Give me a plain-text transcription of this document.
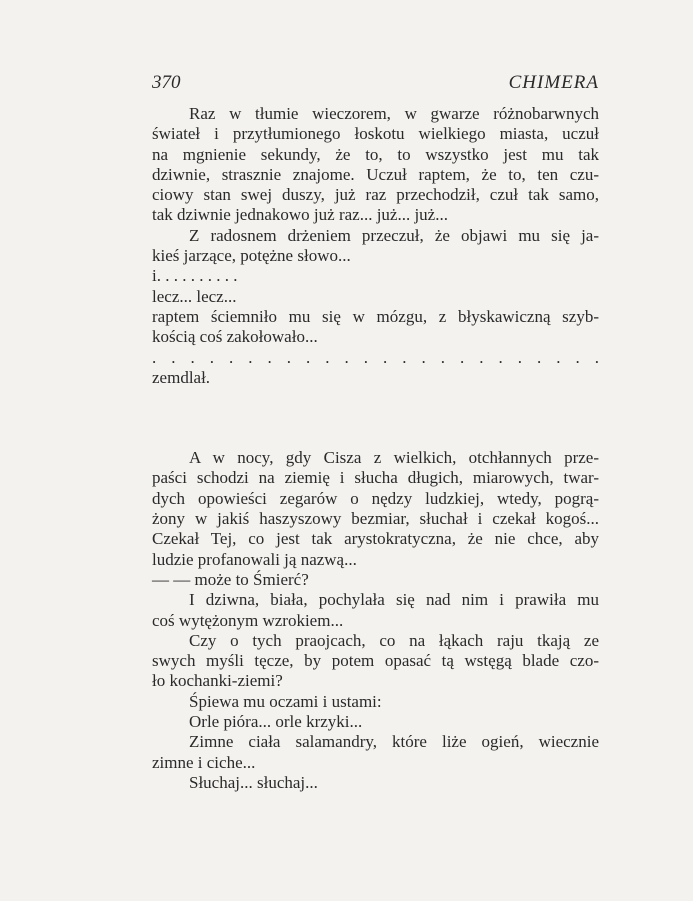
370	CHIMERA
Raz w tłumie wieczorem, w gwarze różnobarwnych
świateł i przytłumionego łoskotu wielkiego miasta, uczuł
na mgnienie sekundy, że to, to wszystko jest mu tak
dziwnie, strasznie znajome. Uczuł raptem, że to, ten czu-
ciowy stan swej duszy, już raz przechodził, czuł tak samo,
tak dziwnie jednakowo już raz... już... już...
Z radosnem drżeniem przeczuł, że objawi mu się ja-
kieś jarzące, potężne słowo...
i. . . . . . . . . .
lecz... lecz...
raptem ściemniło mu się w mózgu, z błyskawiczną szyb-
kością coś zakołowało...
. . . . . . . . . . . . . . . . . . . . . . . .
zemdlał.
A w nocy, gdy Cisza z wielkich, otchłannych prze-
paści schodzi na ziemię i słucha długich, miarowych, twar-
dych opowieści zegarów o nędzy ludzkiej, wtedy, pogrą-
żony w jakiś haszyszowy bezmiar, słuchał i czekał kogoś...
Czekał Tej, co jest tak arystokratyczna, że nie chce, aby
ludzie profanowali ją nazwą...
— — może to Śmierć?
I dziwna, biała, pochylała się nad nim i prawiła mu
coś wytężonym wzrokiem...
Czy o tych praojcach, co na łąkach raju tkają ze
swych myśli tęcze, by potem opasać tą wstęgą blade czo-
ło kochanki-ziemi?
Śpiewa mu oczami i ustami:
Orle pióra... orle krzyki...
Zimne ciała salamandry, które liże ogień, wiecznie
zimne i ciche...
Słuchaj... słuchaj...
